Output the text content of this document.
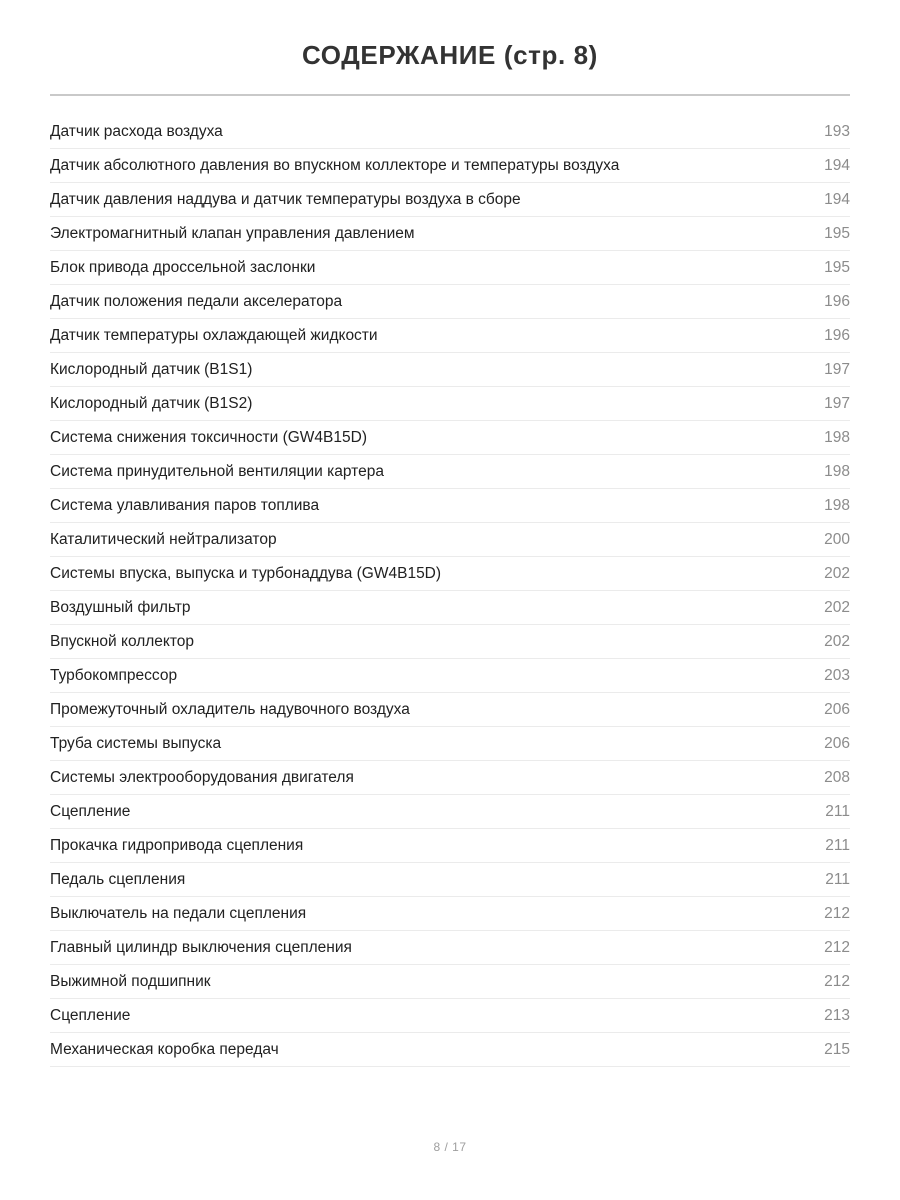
СОДЕРЖАНИЕ (стр. 8)
Датчик расхода воздуха	193
Датчик абсолютного давления во впускном коллекторе и температуры воздуха	194
Датчик давления наддува и датчик температуры воздуха в сборе	194
Электромагнитный клапан управления давлением	195
Блок привода дроссельной заслонки	195
Датчик положения педали акселератора	196
Датчик температуры охлаждающей жидкости	196
Кислородный датчик (B1S1)	197
Кислородный датчик (B1S2)	197
Система снижения токсичности (GW4B15D)	198
Система принудительной вентиляции картера	198
Система улавливания паров топлива	198
Каталитический нейтрализатор	200
Системы впуска, выпуска и турбонаддува (GW4B15D)	202
Воздушный фильтр	202
Впускной коллектор	202
Турбокомпрессор	203
Промежуточный охладитель надувочного воздуха	206
Труба системы выпуска	206
Системы электрооборудования двигателя	208
Сцепление	211
Прокачка гидропривода сцепления	211
Педаль сцепления	211
Выключатель на педали сцепления	212
Главный цилиндр выключения сцепления	212
Выжимной подшипник	212
Сцепление	213
Механическая коробка передач	215
8 / 17
